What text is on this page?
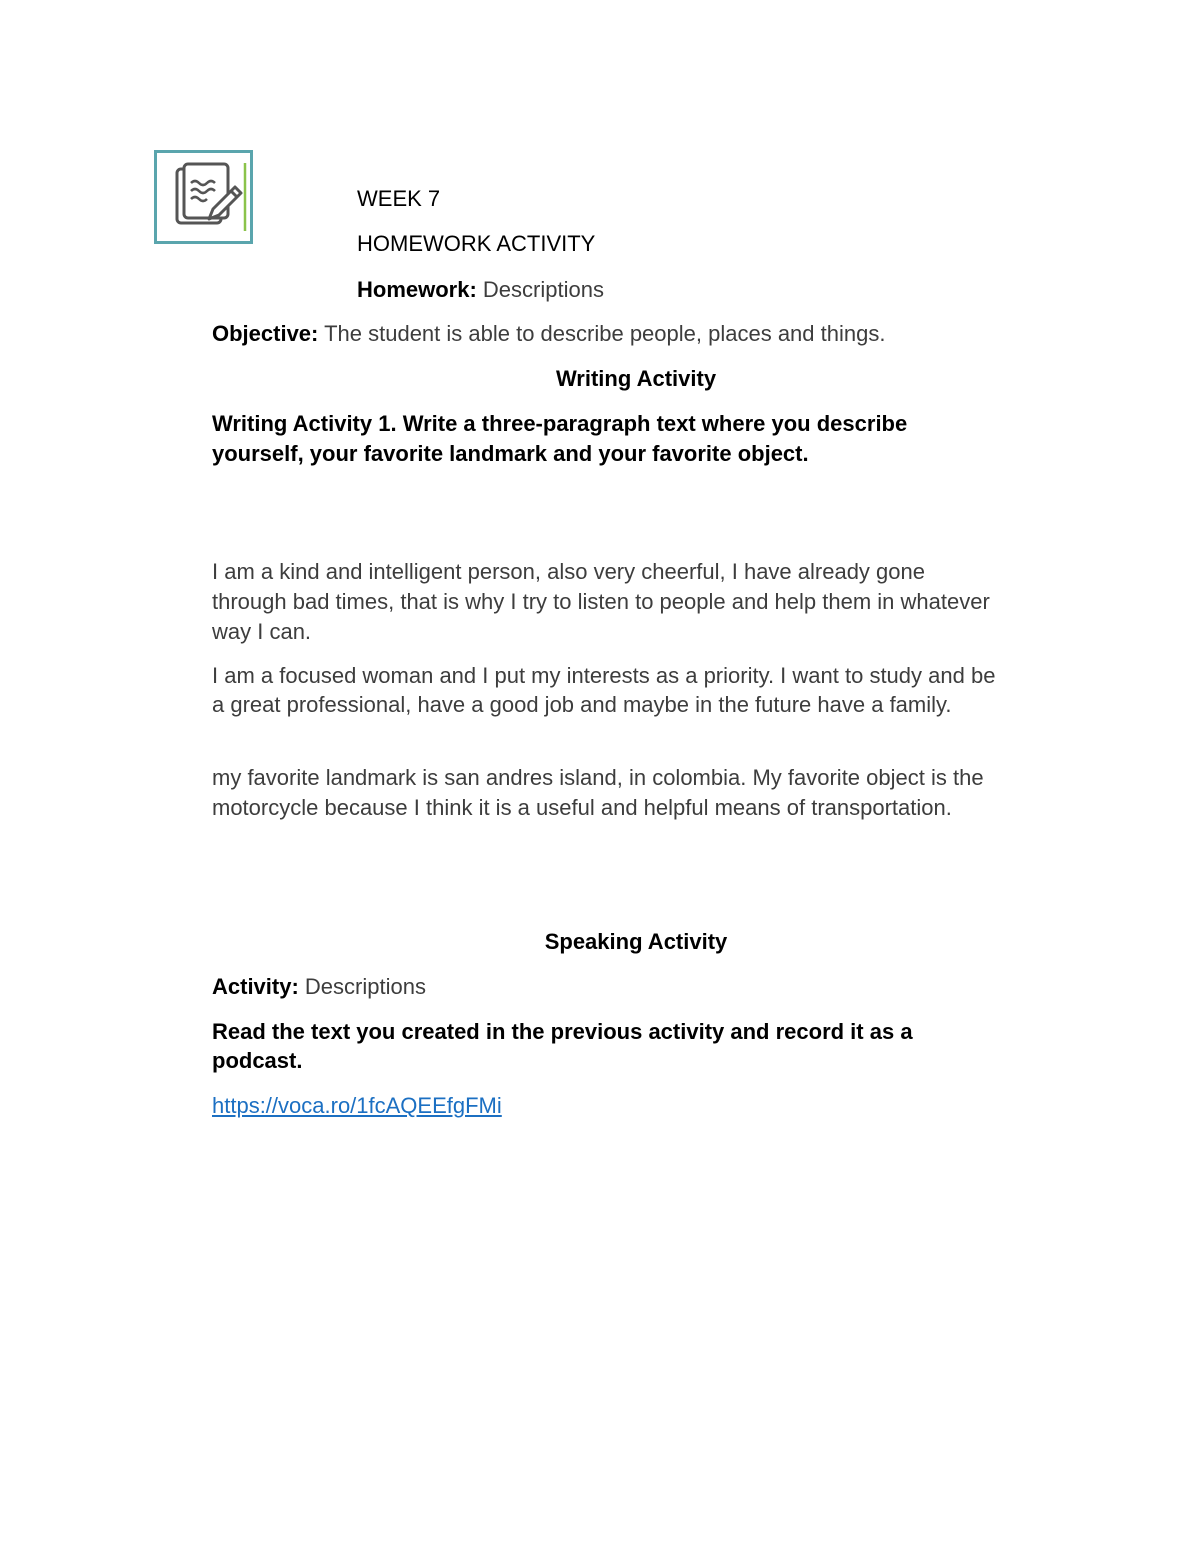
WEEK 7
HOMEWORK ACTIVITY
Homework: Descriptions
Objective: The student is able to describe people, places and things.
Writing Activity
Writing Activity 1. Write a three-paragraph text where you describe
yourself, your favorite landmark and your favorite object.
I am a kind and intelligent person, also very cheerful, I have already gone
through bad times, that is why I try to listen to people and help them in whatever
way I can.
I am a focused woman and I put my interests as a priority. I want to study and be
a great professional, have a good job and maybe in the future have a family.
my favorite landmark is san andres island, in colombia. My favorite object is the
motorcycle because I think it is a useful and helpful means of transportation.
Speaking Activity
Activity: Descriptions
Read the text you created in the previous activity and record it as a
podcast.
https://voca.ro/1fcAQEEfgFMi
